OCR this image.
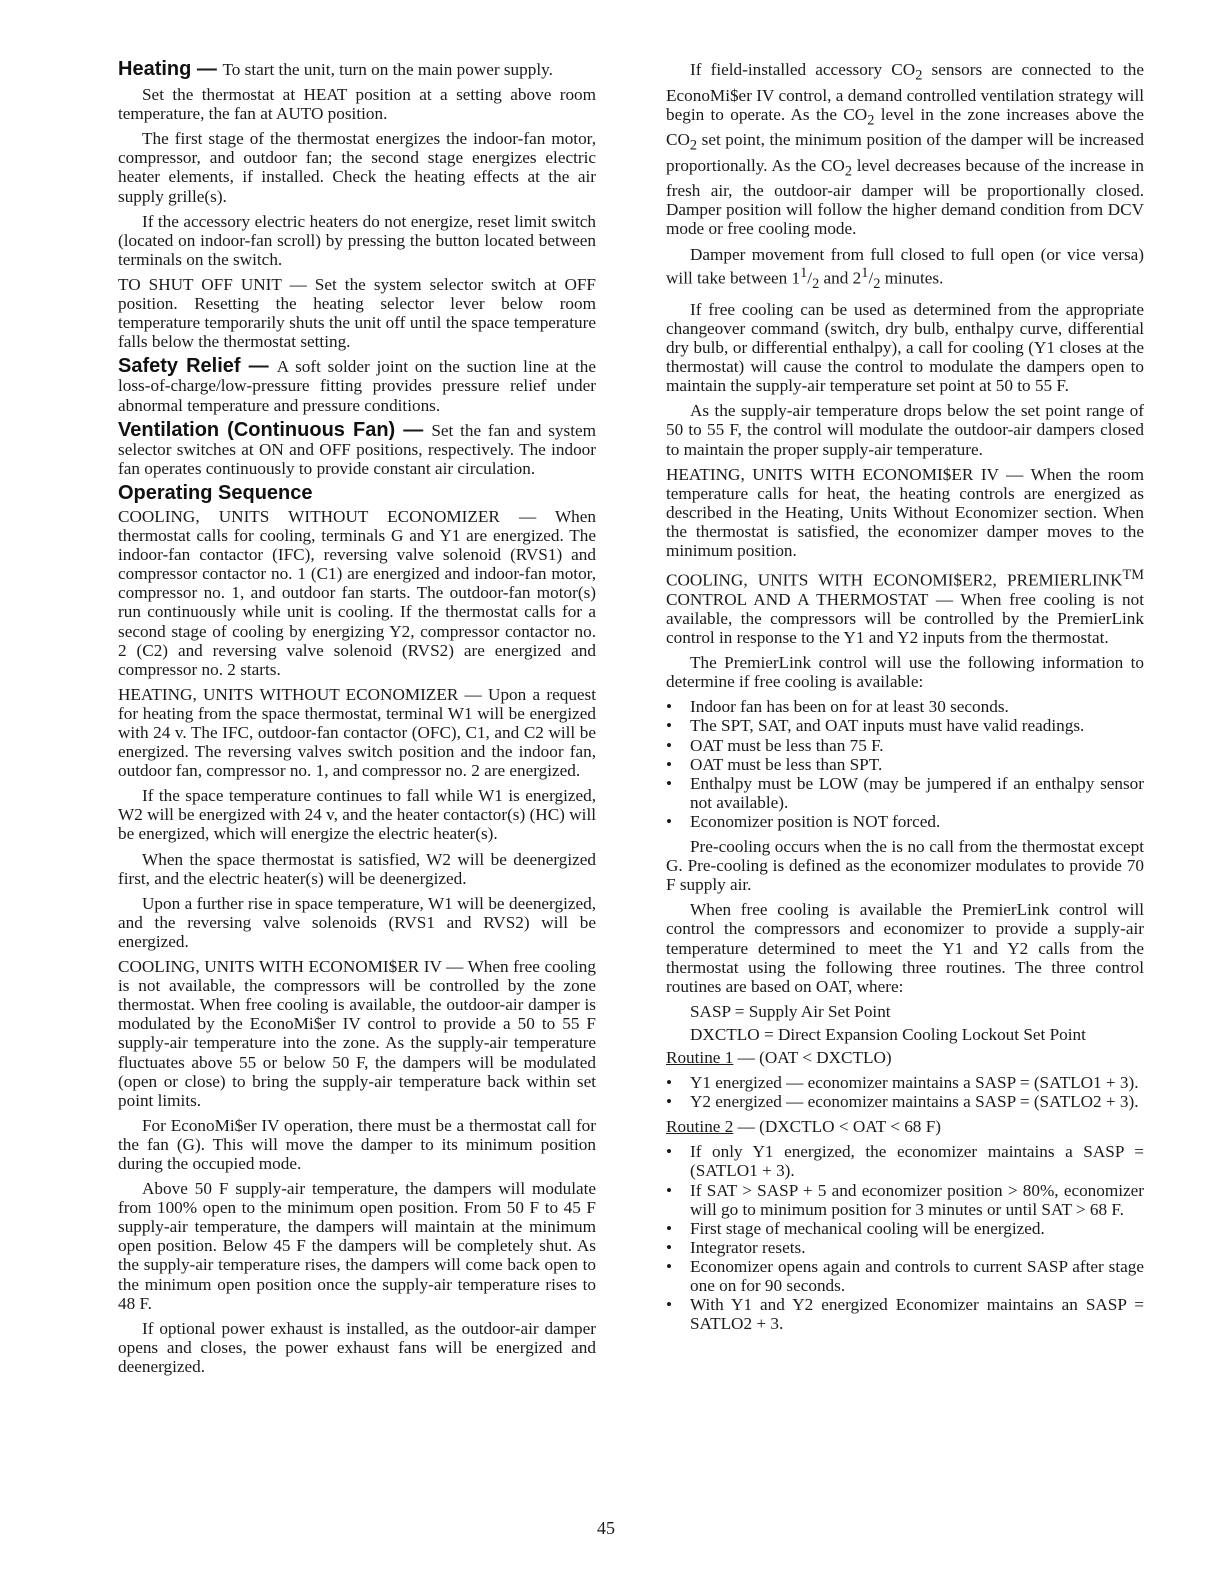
Heating — To start the unit, turn on the main power supply.

Set the thermostat at HEAT position at a setting above room temperature, the fan at AUTO position.

The first stage of the thermostat energizes the indoor-fan motor, compressor, and outdoor fan; the second stage energizes electric heater elements, if installed. Check the heating effects at the air supply grille(s).

If the accessory electric heaters do not energize, reset limit switch (located on indoor-fan scroll) by pressing the button located between terminals on the switch.

TO SHUT OFF UNIT — Set the system selector switch at OFF position. Resetting the heating selector lever below room temperature temporarily shuts the unit off until the space temperature falls below the thermostat setting.

Safety Relief — A soft solder joint on the suction line at the loss-of-charge/low-pressure fitting provides pressure relief under abnormal temperature and pressure conditions.

Ventilation (Continuous Fan) — Set the fan and system selector switches at ON and OFF positions, respectively. The indoor fan operates continuously to provide constant air circulation.

Operating Sequence

COOLING, UNITS WITHOUT ECONOMIZER — When thermostat calls for cooling, terminals G and Y1 are energized. The indoor-fan contactor (IFC), reversing valve solenoid (RVS1) and compressor contactor no. 1 (C1) are energized and indoor-fan motor, compressor no. 1, and outdoor fan starts. The outdoor-fan motor(s) run continuously while unit is cooling. If the thermostat calls for a second stage of cooling by energizing Y2, compressor contactor no. 2 (C2) and reversing valve solenoid (RVS2) are energized and compressor no. 2 starts.

HEATING, UNITS WITHOUT ECONOMIZER — Upon a request for heating from the space thermostat, terminal W1 will be energized with 24 v. The IFC, outdoor-fan contactor (OFC), C1, and C2 will be energized. The reversing valves switch position and the indoor fan, outdoor fan, compressor no. 1, and compressor no. 2 are energized.

If the space temperature continues to fall while W1 is energized, W2 will be energized with 24 v, and the heater contactor(s) (HC) will be energized, which will energize the electric heater(s).

When the space thermostat is satisfied, W2 will be deenergized first, and the electric heater(s) will be deenergized.

Upon a further rise in space temperature, W1 will be deenergized, and the reversing valve solenoids (RVS1 and RVS2) will be energized.

COOLING, UNITS WITH ECONOMI$ER IV — When free cooling is not available, the compressors will be controlled by the zone thermostat. When free cooling is available, the outdoor-air damper is modulated by the EconoMi$er IV control to provide a 50 to 55 F supply-air temperature into the zone. As the supply-air temperature fluctuates above 55 or below 50 F, the dampers will be modulated (open or close) to bring the supply-air temperature back within set point limits.

For EconoMi$er IV operation, there must be a thermostat call for the fan (G). This will move the damper to its minimum position during the occupied mode.

Above 50 F supply-air temperature, the dampers will modulate from 100% open to the minimum open position. From 50 F to 45 F supply-air temperature, the dampers will maintain at the minimum open position. Below 45 F the dampers will be completely shut. As the supply-air temperature rises, the dampers will come back open to the minimum open position once the supply-air temperature rises to 48 F.

If optional power exhaust is installed, as the outdoor-air damper opens and closes, the power exhaust fans will be energized and deenergized.

If field-installed accessory $CO_2$ sensors are connected to the EconoMi$er IV control, a demand controlled ventilation strategy will begin to operate. As the $CO_2$ level in the zone increases above the $CO_2$ set point, the minimum position of the damper will be increased proportionally. As the $CO_2$ level decreases because of the increase in fresh air, the outdoor-air damper will be proportionally closed. Damper position will follow the higher demand condition from DCV mode or free cooling mode.

Damper movement from full closed to full open (or vice versa) will take between $1^1/_2$ and $2^1/_2$ minutes.

If free cooling can be used as determined from the appropriate changeover command (switch, dry bulb, enthalpy curve, differential dry bulb, or differential enthalpy), a call for cooling (Y1 closes at the thermostat) will cause the control to modulate the dampers open to maintain the supply-air temperature set point at 50 to 55 F.

As the supply-air temperature drops below the set point range of 50 to 55 F, the control will modulate the outdoor-air dampers closed to maintain the proper supply-air temperature.

HEATING, UNITS WITH ECONOMI$ER IV — When the room temperature calls for heat, the heating controls are energized as described in the Heating, Units Without Economizer section. When the thermostat is satisfied, the economizer damper moves to the minimum position.

COOLING, UNITS WITH ECONOMI$ER2, PREMIERLINK™ CONTROL AND A THERMOSTAT — When free cooling is not available, the compressors will be controlled by the PremierLink control in response to the Y1 and Y2 inputs from the thermostat.

The PremierLink control will use the following information to determine if free cooling is available:

• Indoor fan has been on for at least 30 seconds.
• The SPT, SAT, and OAT inputs must have valid readings.
• OAT must be less than 75 F.
• OAT must be less than SPT.
• Enthalpy must be LOW (may be jumpered if an enthalpy sensor not available).
• Economizer position is NOT forced.

Pre-cooling occurs when the is no call from the thermostat except G. Pre-cooling is defined as the economizer modulates to provide 70 F supply air.

When free cooling is available the PremierLink control will control the compressors and economizer to provide a supply-air temperature determined to meet the Y1 and Y2 calls from the thermostat using the following three routines. The three control routines are based on OAT, where:

SASP = Supply Air Set Point

DXCTLO = Direct Expansion Cooling Lockout Set Point

Routine 1 — (OAT < DXCTLO)

• Y1 energized — economizer maintains a SASP = (SATLO1 + 3).
• Y2 energized — economizer maintains a SASP = (SATLO2 + 3).

Routine 2 — (DXCTLO < OAT < 68 F)

• If only Y1 energized, the economizer maintains a SASP = (SATLO1 + 3).
• If SAT > SASP + 5 and economizer position > 80%, economizer will go to minimum position for 3 minutes or until SAT > 68 F.
• First stage of mechanical cooling will be energized.
• Integrator resets.
• Economizer opens again and controls to current SASP after stage one on for 90 seconds.
• With Y1 and Y2 energized Economizer maintains an SASP = SATLO2 + 3.
45
